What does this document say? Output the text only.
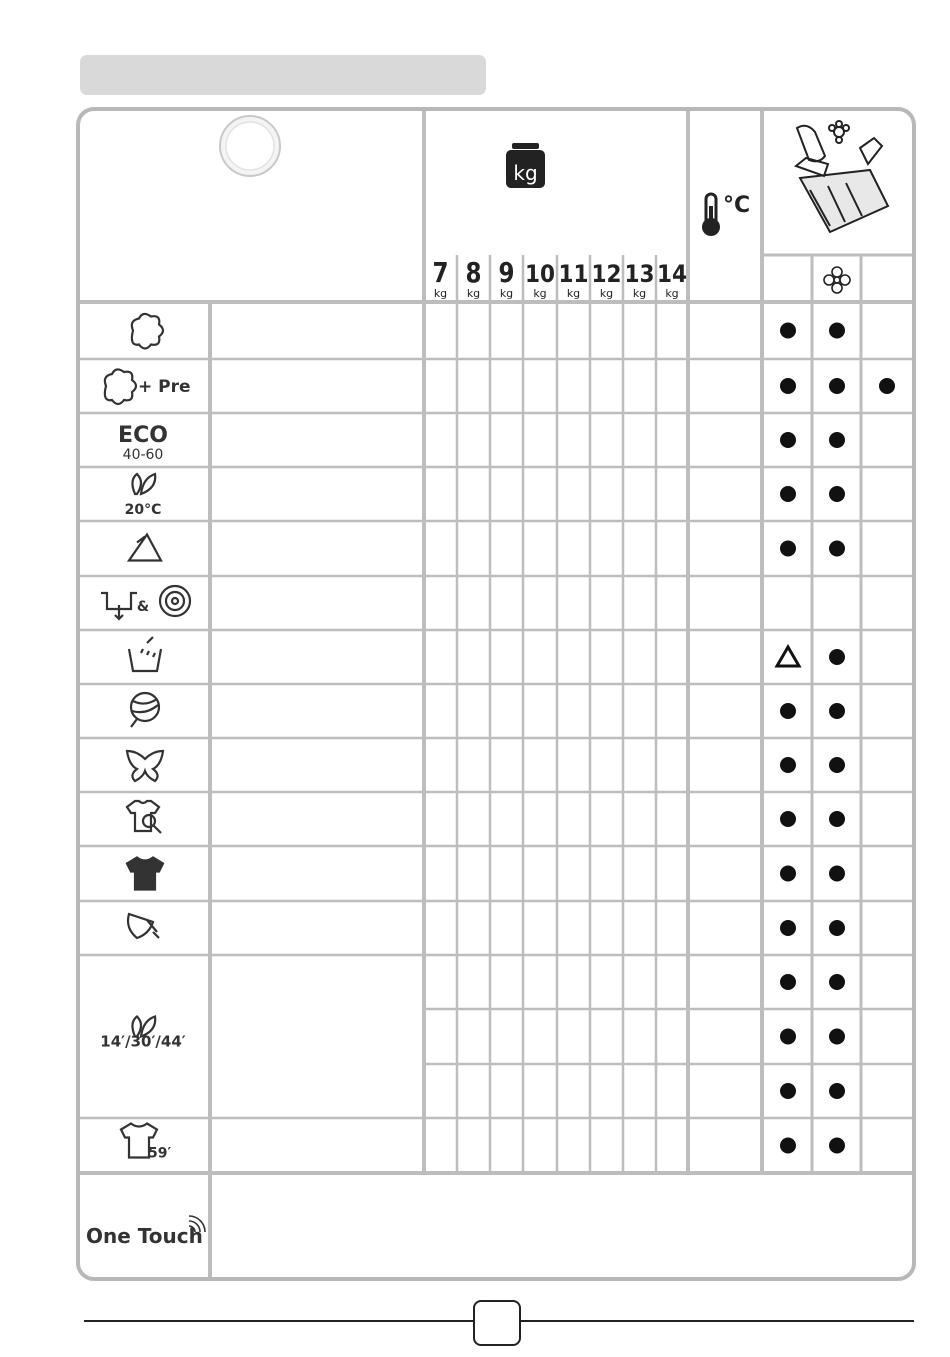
kg
°C
7
kg
8
kg
9
kg
10
kg
11
kg
12
kg
13
kg
14
kg
+ Pre
ECO
40-60
20°C
&
14′/30′/44′
59′
One Touch
